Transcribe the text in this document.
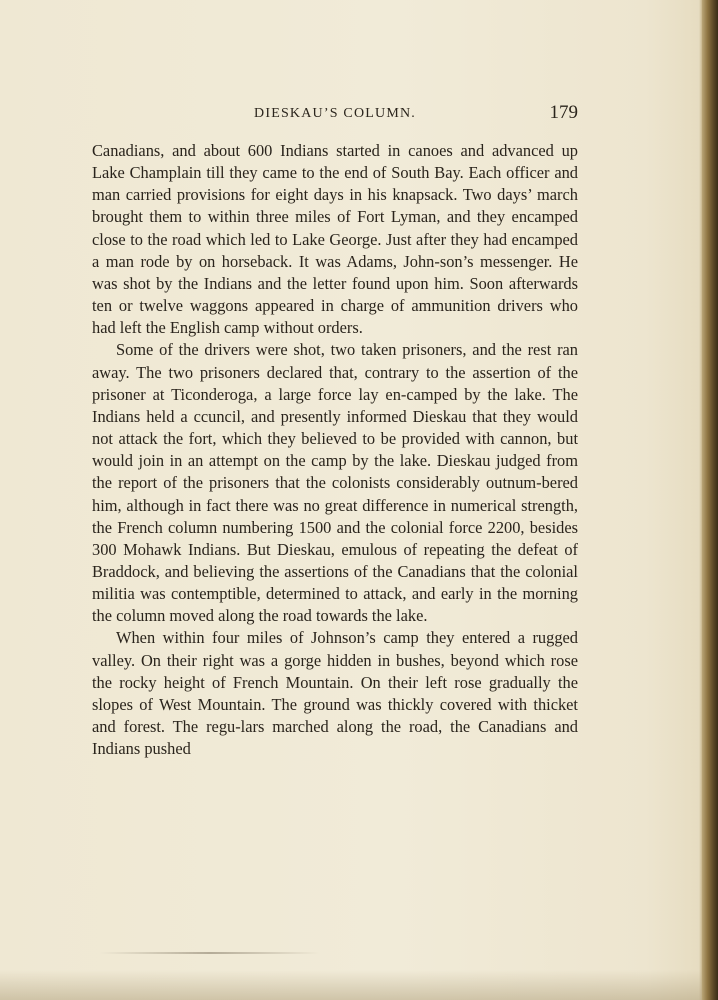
DIESKAU’S COLUMN.	179

Canadians, and about 600 Indians started in canoes and advanced up Lake Champlain till they came to the end of South Bay. Each officer and man carried provisions for eight days in his knapsack. Two days’ march brought them to within three miles of Fort Lyman, and they encamped close to the road which led to Lake George. Just after they had encamped a man rode by on horseback. It was Adams, John-son’s messenger. He was shot by the Indians and the letter found upon him. Soon afterwards ten or twelve waggons appeared in charge of ammunition drivers who had left the English camp without orders.

Some of the drivers were shot, two taken prisoners, and the rest ran away. The two prisoners declared that, contrary to the assertion of the prisoner at Ticonderoga, a large force lay en-camped by the lake. The Indians held a ccuncil, and presently informed Dieskau that they would not attack the fort, which they believed to be provided with cannon, but would join in an attempt on the camp by the lake. Dieskau judged from the report of the prisoners that the colonists considerably outnum-bered him, although in fact there was no great difference in numerical strength, the French column numbering 1500 and the colonial force 2200, besides 300 Mohawk Indians. But Dieskau, emulous of repeating the defeat of Braddock, and believing the assertions of the Canadians that the colonial militia was contemptible, determined to attack, and early in the morning the column moved along the road towards the lake.

When within four miles of Johnson’s camp they entered a rugged valley. On their right was a gorge hidden in bushes, beyond which rose the rocky height of French Mountain. On their left rose gradually the slopes of West Mountain. The ground was thickly covered with thicket and forest. The regu-lars marched along the road, the Canadians and Indians pushed
